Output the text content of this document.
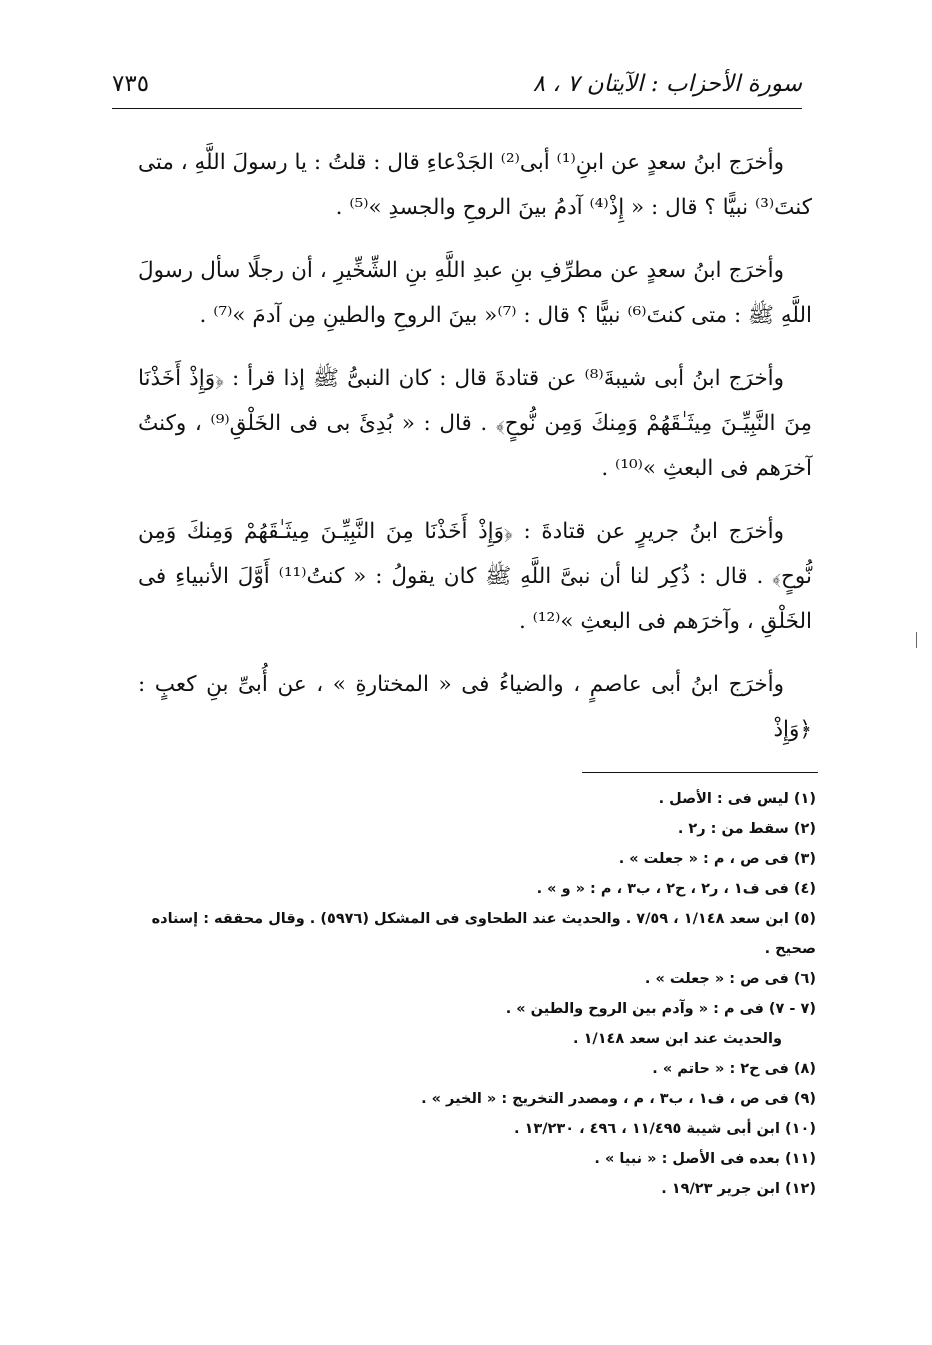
سورة الأحزاب : الآيتان ٧ ، ٨
٧٣٥

وأخرَج ابنُ سعدٍ عن ابنِ⁽¹⁾ أبى⁽²⁾ الجَدْعاءِ قال : قلتُ : يا رسولَ اللَّهِ ، متى كنتَ⁽³⁾ نبيًّا ؟ قال : « إِذْ⁽⁴⁾ آدمُ بينَ الروحِ والجسدِ »⁽⁵⁾ .

وأخرَج ابنُ سعدٍ عن مطرِّفِ بنِ عبدِ اللَّهِ بنِ الشِّخِّيرِ ، أن رجلًا سأل رسولَ اللَّهِ ﷺ : متى كنتَ⁽⁶⁾ نبيًّا ؟ قال : ⁽⁷⁾« بينَ الروحِ والطينِ مِن آدمَ »⁽⁷⁾ .

وأخرَج ابنُ أبى شيبةَ⁽⁸⁾ عن قتادةَ قال : كان النبىُّ ﷺ إذا قرأ : ﴿وَإِذْ أَخَذْنَا مِنَ النَّبِيِّـنَ مِيثَـٰقَهُمْ وَمِنكَ وَمِن نُّوحٍ﴾ . قال : « بُدِئَ بى فى الخَلْقِ⁽⁹⁾ ، وكنتُ آخرَهم فى البعثِ »⁽¹⁰⁾ .

وأخرَج ابنُ جريرٍ عن قتادةَ : ﴿وَإِذْ أَخَذْنَا مِنَ النَّبِيِّـنَ مِيثَـٰقَهُمْ وَمِنكَ وَمِن نُّوحٍ﴾ . قال : ذُكِر لنا أن نبىَّ اللَّهِ ﷺ كان يقولُ : « كنتُ⁽¹¹⁾ أَوَّلَ الأنبياءِ فى الخَلْقِ ، وآخرَهم فى البعثِ »⁽¹²⁾ .

وأخرَج ابنُ أبى عاصمٍ ، والضياءُ فى « المختارةِ » ، عن أُبىِّ بنِ كعبٍ : ﴿وَإِذْ

(١) ليس فى : الأصل .
(٢) سقط من : ر٢ .
(٣) فى ص ، م : « جعلت » .
(٤) فى ف١ ، ر٢ ، ح٢ ، ب٣ ، م : « و » .
(٥) ابن سعد ١/١٤٨ ، ٧/٥٩ . والحديث عند الطحاوى فى المشكل (٥٩٧٦) . وقال محققه : إسناده صحيح .
(٦) فى ص : « جعلت » .
(٧ - ٧) فى م : « وآدم بين الروح والطين » .
والحديث عند ابن سعد ١/١٤٨ .
(٨) فى ح٢ : « حاتم » .
(٩) فى ص ، ف١ ، ب٣ ، م ، ومصدر التخريج : « الخير » .
(١٠) ابن أبى شيبة ١١/٤٩٥ ، ٤٩٦ ، ١٣/٢٣٠ .
(١١) بعده فى الأصل : « نبيا » .
(١٢) ابن جرير ١٩/٢٣ .
